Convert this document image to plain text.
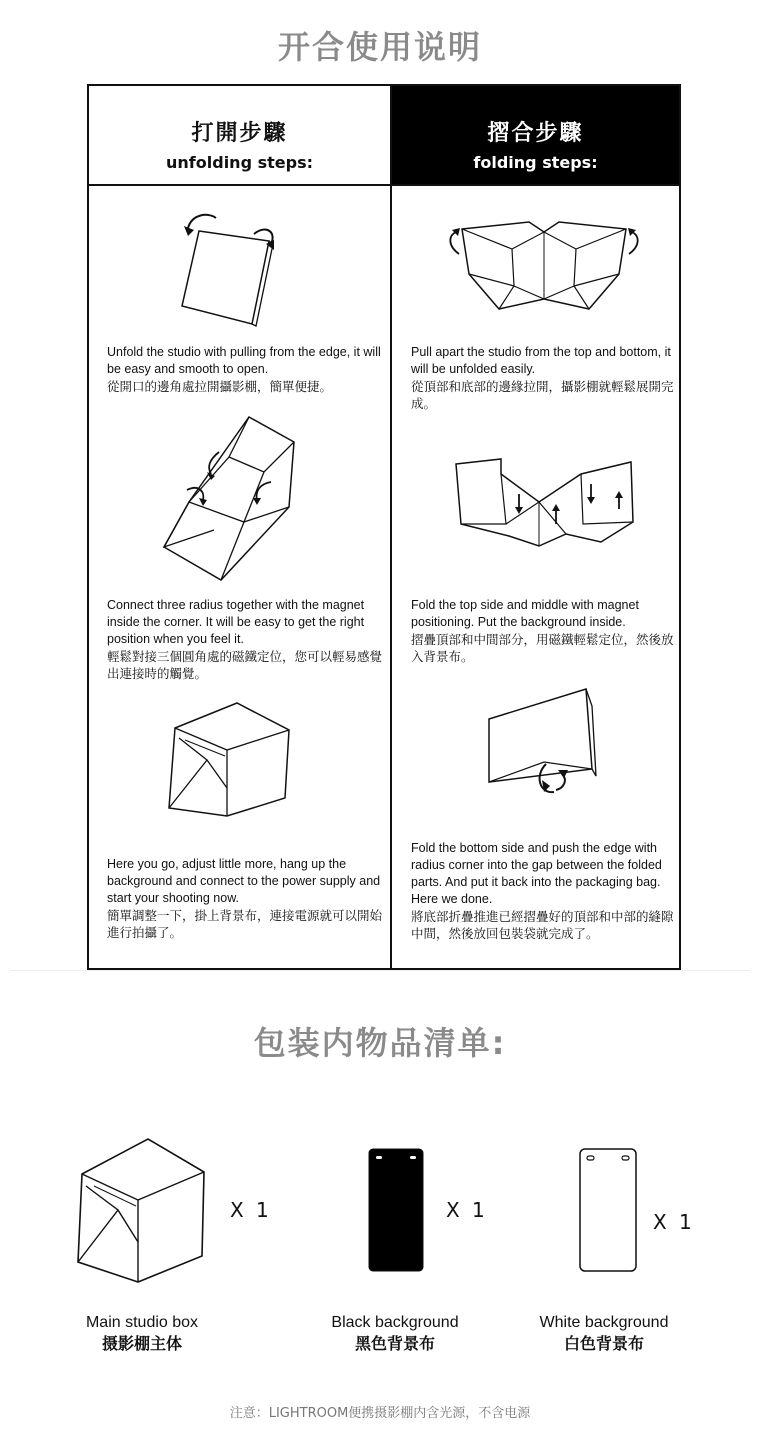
开合使用说明
打開步驟
unfolding steps:
摺合步驟
folding steps:
Unfold the studio with pulling from the edge, it will be easy and smooth to open.
從開口的邊角處拉開攝影棚，簡單便捷。
Connect three radius together with the magnet inside the corner. It will be easy to get the right position when you feel it.
輕鬆對接三個圓角處的磁鐵定位，您可以輕易感覺出連接時的觸覺。
Here you go, adjust little more, hang up the background and connect to the power supply and start your shooting now.
簡單調整一下，掛上背景布，連接電源就可以開始進行拍攝了。
Pull apart the studio from the top and bottom, it will be unfolded easily.
從頂部和底部的邊緣拉開，攝影棚就輕鬆展開完成。
Fold the top side and middle with magnet positioning. Put the background inside.
摺疊頂部和中間部分，用磁鐵輕鬆定位，然後放入背景布。
Fold the bottom side and push the edge with radius corner into the gap between the folded parts. And put it back into the packaging bag. Here we done.
將底部折疊推進已經摺疊好的頂部和中部的縫隙中間，然後放回包裝袋就完成了。
包装内物品清单:
X 1
Main studio box
摄影棚主体
X 1
Black background
黑色背景布
X 1
White background
白色背景布
注意：LIGHTROOM便携摄影棚内含光源，不含电源
